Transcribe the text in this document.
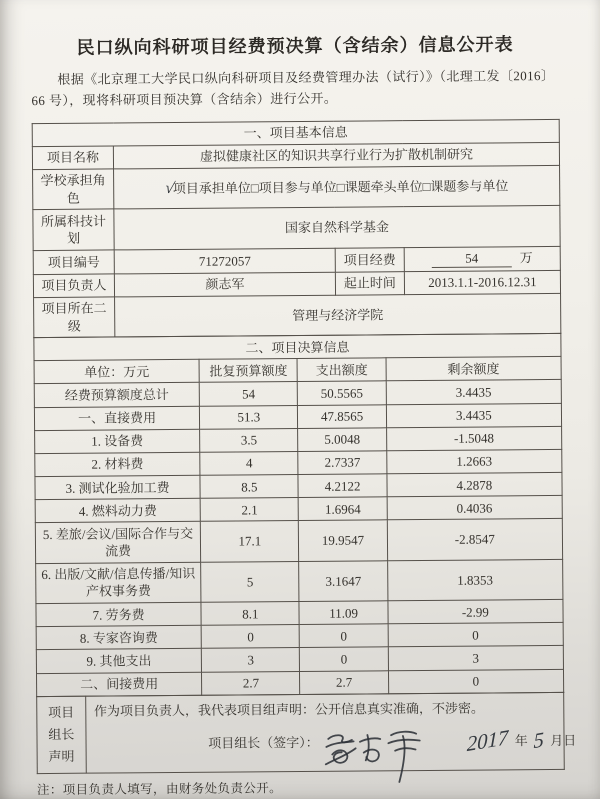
民口纵向科研项目经费预决算（含结余）信息公开表

根据《北京理工大学民口纵向科研项目及经费管理办法（试行）》（北理工发〔2016〕66 号），现将科研项目预决算（含结余）进行公开。

一、项目基本信息			
项目名称	虚拟健康社区的知识共享行业行为扩散机制研究		
学校承担角色	√项目承担单位□项目参与单位□课题牵头单位□课题参与单位		
所属科技计划	国家自然科学基金		
项目编号	71272057	项目经费	54 万
项目负责人	颜志军	起止时间	2013.1.1-2016.12.31
项目所在二级	管理与经济学院		
二、项目决算信息			
单位：万元	批复预算额度	支出额度	剩余额度
经费预算额度总计	54	50.5565	3.4435
一、直接费用	51.3	47.8565	3.4435
1. 设备费	3.5	5.0048	-1.5048
2. 材料费	4	2.7337	1.2663
3. 测试化验加工费	8.5	4.2122	4.2878
4. 燃料动力费	2.1	1.6964	0.4036
5. 差旅/会议/国际合作与交流费	17.1	19.9547	-2.8547
6. 出版/文献/信息传播/知识产权事务费	5	3.1647	1.8353
7. 劳务费	8.1	11.09	-2.99
8. 专家咨询费	0	0	0
9. 其他支出	3	0	3
二、间接费用	2.7	2.7	0
项目
组长
声明

作为项目负责人，我代表项目组声明：公开信息真实准确，不涉密。
项目组长（签字）：	2017 年 5 月 日

注：项目负责人填写，由财务处负责公开。
